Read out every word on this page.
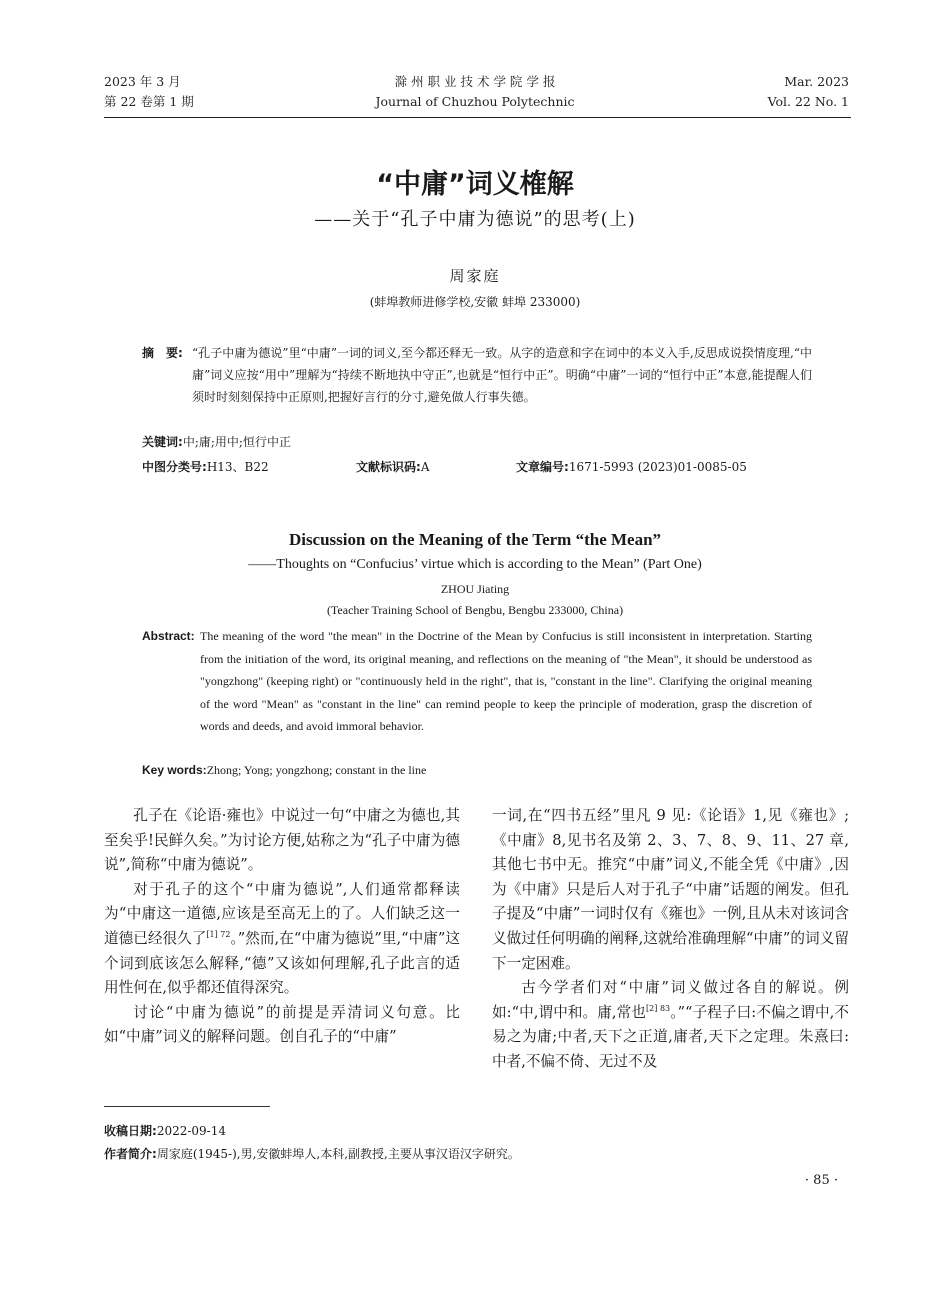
2023 年 3 月
第 22 卷第 1 期
滁 州 职 业 技 术 学 院 学 报
Journal of Chuzhou Polytechnic
Mar. 2023
Vol. 22 No. 1
“中庸”词义榷解
——关于“孔子中庸为德说”的思考(上)
周家庭
(蚌埠教师进修学校,安徽 蚌埠 233000)
摘　要: “孔子中庸为德说”里“中庸”一词的词义,至今都还释无一致。从字的造意和字在词中的本义入手,反思成说揆情度理,“中庸”词义应按“用中”理解为“持续不断地执中守正”,也就是“恒行中正”。明确“中庸”一词的“恒行中正”本意,能提醒人们须时时刻刻保持中正原则,把握好言行的分寸,避免做人行事失德。
关键词:中;庸;用中;恒行中正
中图分类号:H13、B22	文献标识码:A	文章编号:1671-5993 (2023)01-0085-05
Discussion on the Meaning of the Term “the Mean”
——Thoughts on “Confucius’ virtue which is according to the Mean” (Part One)
ZHOU Jiating
(Teacher Training School of Bengbu, Bengbu 233000, China)
Abstract: The meaning of the word "the mean" in the Doctrine of the Mean by Confucius is still inconsistent in interpretation. Starting from the initiation of the word, its original meaning, and reflections on the meaning of "the Mean", it should be understood as "yongzhong" (keeping right) or "continuously held in the right", that is, "constant in the line". Clarifying the original meaning of the word "Mean" as "constant in the line" can remind people to keep the principle of moderation, grasp the discretion of words and deeds, and avoid immoral behavior.
Key words:Zhong; Yong; yongzhong; constant in the line

孔子在《论语·雍也》中说过一句“中庸之为德也,其至矣乎!民鲜久矣。”为讨论方便,姑称之为“孔子中庸为德说”,简称“中庸为德说”。

对于孔子的这个“中庸为德说”,人们通常都释读为“中庸这一道德,应该是至高无上的了。人们缺乏这一道德已经很久了$^{[1] 72}$。”然而,在“中庸为德说”里,“中庸”这个词到底该怎么解释,“德”又该如何理解,孔子此言的适用性何在,似乎都还值得深究。

讨论“中庸为德说”的前提是弄清词义句意。比如“中庸”词义的解释问题。创自孔子的“中庸”

一词,在“四书五经”里凡 9 见:《论语》1,见《雍也》;《中庸》8,见书名及第 2、3、7、8、9、11、27 章,其他七书中无。推究“中庸”词义,不能全凭《中庸》,因为《中庸》只是后人对于孔子“中庸”话题的阐发。但孔子提及“中庸”一词时仅有《雍也》一例,且从未对该词含义做过任何明确的阐释,这就给准确理解“中庸”的词义留下一定困难。

古今学者们对“中庸”词义做过各自的解说。例如:“中,谓中和。庸,常也$^{[2] 83}$。”“子程子曰:不偏之谓中,不易之为庸;中者,天下之正道,庸者,天下之定理。朱熹曰:中者,不偏不倚、无过不及

收稿日期:2022-09-14
作者简介:周家庭(1945-),男,安徽蚌埠人,本科,副教授,主要从事汉语汉字研究。
· 85 ·
